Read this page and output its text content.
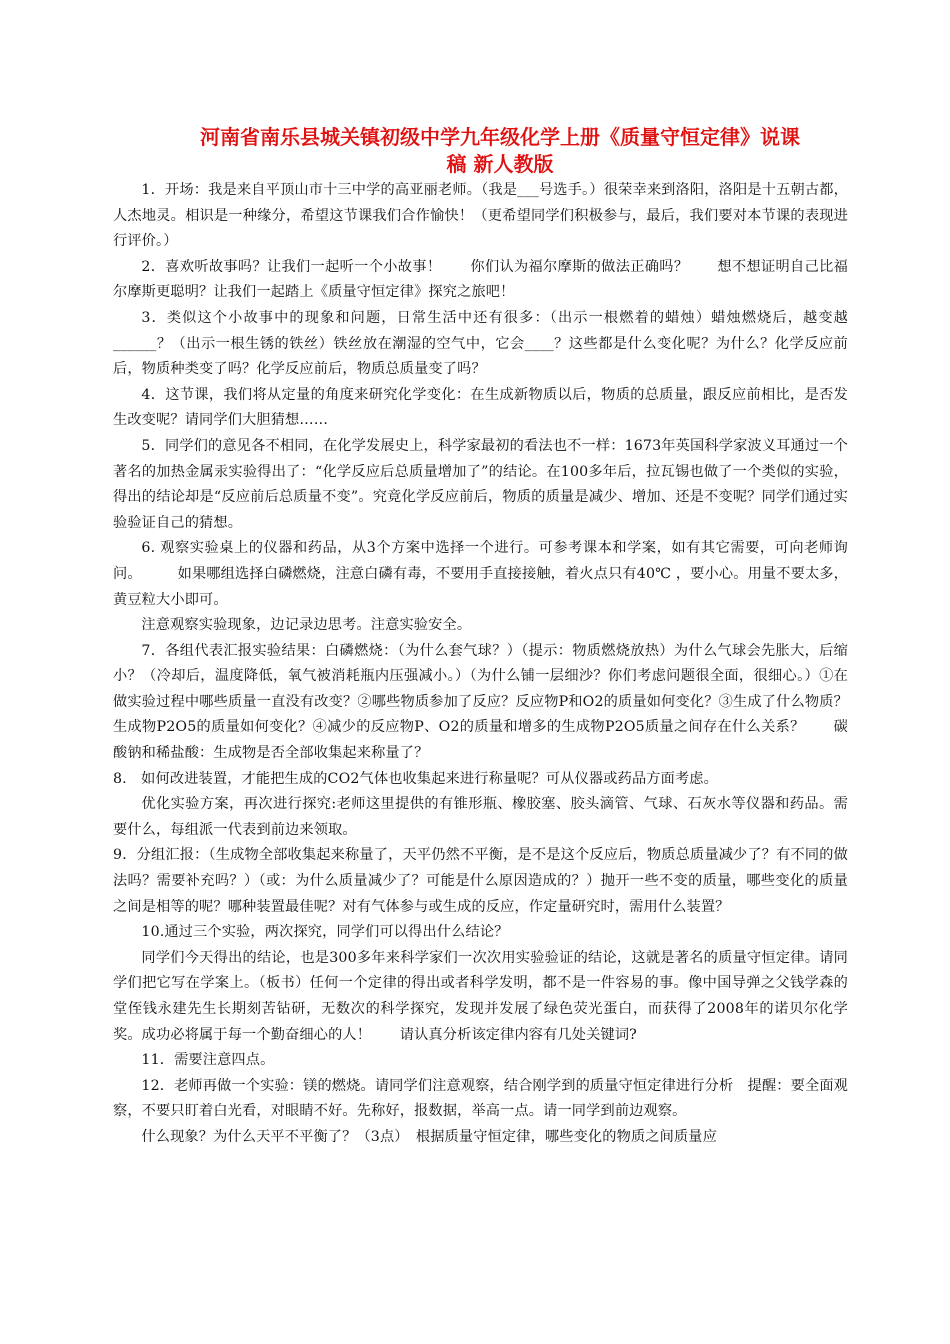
河南省南乐县城关镇初级中学九年级化学上册《质量守恒定律》说课
稿 新人教版

1．开场：我是来自平顶山市十三中学的高亚丽老师。（我是___号选手。）很荣幸来到洛阳，洛阳是十五朝古都，人杰地灵。相识是一种缘分，希望这节课我们合作愉快！（更希望同学们积极参与，最后，我们要对本节课的表现进行评价。）

2．喜欢听故事吗？让我们一起听一个小故事！　　你们认为福尔摩斯的做法正确吗？　　想不想证明自己比福尔摩斯更聪明？让我们一起踏上《质量守恒定律》探究之旅吧！

3．类似这个小故事中的现象和问题，日常生活中还有很多：（出示一根燃着的蜡烛）蜡烛燃烧后，越变越______？（出示一根生锈的铁丝）铁丝放在潮湿的空气中，它会____？这些都是什么变化呢？为什么？化学反应前后，物质种类变了吗？化学反应前后，物质总质量变了吗？

4．这节课，我们将从定量的角度来研究化学变化：在生成新物质以后，物质的总质量，跟反应前相比，是否发生改变呢？请同学们大胆猜想……

5．同学们的意见各不相同，在化学发展史上，科学家最初的看法也不一样：1673年英国科学家波义耳通过一个著名的加热金属汞实验得出了：“化学反应后总质量增加了”的结论。在100多年后，拉瓦锡也做了一个类似的实验，得出的结论却是“反应前后总质量不变”。究竟化学反应前后，物质的质量是减少、增加、还是不变呢？同学们通过实验验证自己的猜想。

6. 观察实验桌上的仪器和药品，从3个方案中选择一个进行。可参考课本和学案，如有其它需要，可向老师询问。　　　如果哪组选择白磷燃烧，注意白磷有毒，不要用手直接接触，着火点只有40℃ ，要小心。用量不要太多，黄豆粒大小即可。

注意观察实验现象，边记录边思考。注意实验安全。

7．各组代表汇报实验结果：白磷燃烧：（为什么套气球？）（提示：物质燃烧放热）为什么气球会先胀大，后缩小？（冷却后，温度降低，氧气被消耗瓶内压强减小。）（为什么铺一层细沙？你们考虑问题很全面，很细心。）①在做实验过程中哪些质量一直没有改变？②哪些物质参加了反应？反应物P和O2的质量如何变化？③生成了什么物质？生成物P2O5的质量如何变化？④减少的反应物P、O2的质量和增多的生成物P2O5质量之间存在什么关系？　　碳酸钠和稀盐酸：生成物是否全部收集起来称量了？

8.　如何改进装置，才能把生成的CO2气体也收集起来进行称量呢？可从仪器或药品方面考虑。

优化实验方案，再次进行探究:老师这里提供的有锥形瓶、橡胶塞、胶头滴管、气球、石灰水等仪器和药品。需要什么，每组派一代表到前边来领取。

9．分组汇报：（生成物全部收集起来称量了，天平仍然不平衡，是不是这个反应后，物质总质量减少了？有不同的做法吗？需要补充吗？）（或：为什么质量减少了？可能是什么原因造成的？）抛开一些不变的质量，哪些变化的质量之间是相等的呢？哪种装置最佳呢？对有气体参与或生成的反应，作定量研究时，需用什么装置？

10.通过三个实验，两次探究，同学们可以得出什么结论？

同学们今天得出的结论，也是300多年来科学家们一次次用实验验证的结论，这就是著名的质量守恒定律。请同学们把它写在学案上。（板书）任何一个定律的得出或者科学发明，都不是一件容易的事。像中国导弹之父钱学森的堂侄钱永建先生长期刻苦钻研，无数次的科学探究，发现并发展了绿色荧光蛋白，而获得了2008年的诺贝尔化学奖。成功必将属于每一个勤奋细心的人！　　请认真分析该定律内容有几处关键词?

11．需要注意四点。

12．老师再做一个实验：镁的燃烧。请同学们注意观察，结合刚学到的质量守恒定律进行分析　提醒：要全面观察，不要只盯着白光看，对眼睛不好。先称好，报数据，举高一点。请一同学到前边观察。

什么现象？为什么天平不平衡了？（3点）　根据质量守恒定律，哪些变化的物质之间质量应
